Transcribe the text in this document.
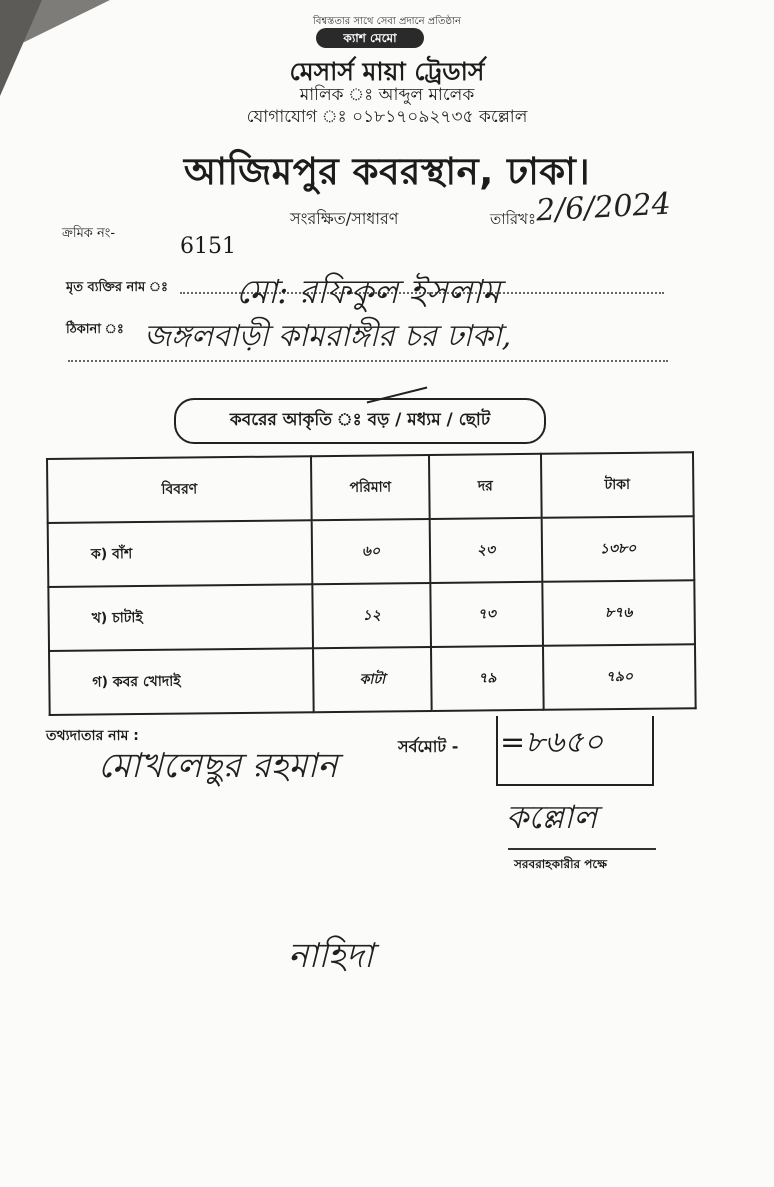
বিশ্বস্ততার সাথে সেবা প্রদানে প্রতিষ্ঠান
ক্যাশ মেমো
মেসার্স মায়া ট্রেডার্স
মালিক ঃ আব্দুল মালেক
যোগাযোগ ঃ ০১৮১৭০৯২৭৩৫ কল্লোল
আজিমপুর কবরস্থান, ঢাকা।
সংরক্ষিত/সাধারণ	তারিখঃ 2/6/2024
ক্রমিক নং-
6151
মৃত ব্যক্তির নাম ঃ মো: রফিকুল ইসলাম
ঠিকানা ঃ জঙ্গলবাড়ী কামরাঙ্গীর চর ঢাকা,
কবরের আকৃতি ঃ বড় / মধ্যম / ছোট
বিবরণ	পরিমাণ	দর	টাকা
ক) বাঁশ	৬০	২৩	১৩৮০
খ) চাটাই	১২	৭৩	৮৭৬
গ) কবর খোদাই	কাটা	৭৯	৭৯০
তথ্যদাতার নাম :
মোখলেছুর রহমান	সর্বমোট - =৮৬৫০
কল্লোল
সরবরাহকারীর পক্ষে
নাহিদা
